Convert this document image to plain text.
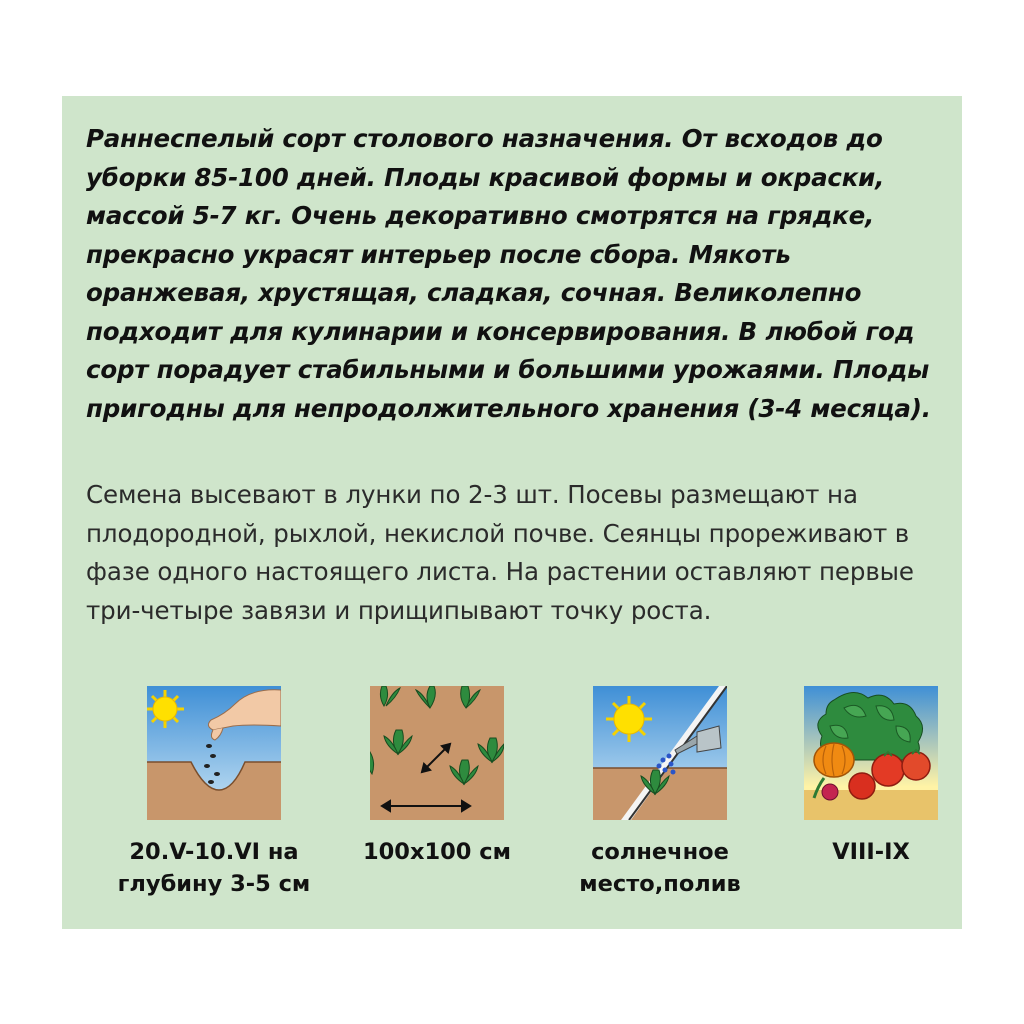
Раннеспелый сорт столового назначения. От всходов до уборки 85-100 дней. Плоды красивой формы и окраски, массой 5-7 кг. Очень декоративно смотрятся на грядке, прекрасно украсят интерьер после сбора. Мякоть оранжевая, хрустящая, сладкая, сочная. Великолепно подходит для кулинарии и консервирования. В любой год сорт порадует стабильными и большими урожаями. Плоды пригодны для непродолжительного хранения (3-4 месяца).

Семена высевают в лунки по 2-3 шт. Посевы размещают на плодородной, рыхлой, некислой почве. Сеянцы прореживают в фазе одного настоящего листа. На растении оставляют первые три-четыре завязи и прищипывают точку роста.

20.V-10.VI на
глубину 3-5 см
100x100 см	солнечное
место,полив
VIII-IX
